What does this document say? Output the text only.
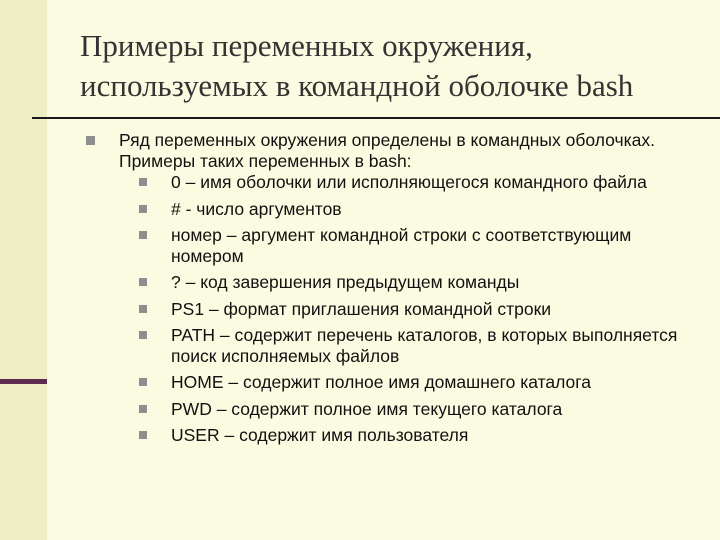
Примеры переменных окружения,
используемых в командной оболочке bash
Ряд переменных окружения определены в командных оболочках. Примеры таких переменных в bash:
0 – имя оболочки или исполняющегося командного файла
# - число аргументов
номер – аргумент командной строки с соответствующим номером
? – код завершения предыдущем команды
PS1 – формат приглашения командной строки
PATH – содержит перечень каталогов, в которых выполняется поиск исполняемых файлов
HOME – содержит полное имя домашнего каталога
PWD – содержит полное имя текущего каталога
USER – содержит имя пользователя
